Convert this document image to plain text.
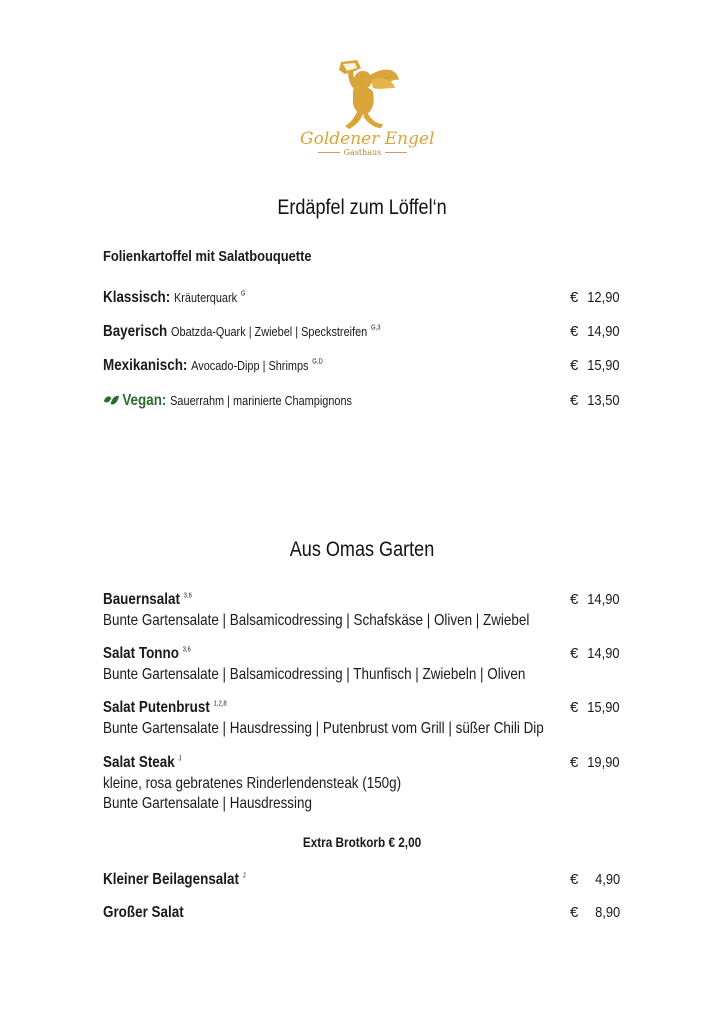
Goldener Engel
Gasthaus
Erdäpfel zum Löffel‘n
Folienkartoffel mit Salatbouquette
Klassisch: Kräuterquark $^G$	€ 12,90
Bayerisch Obatzda-Quark | Zwiebel | Speckstreifen $^{G,3}$	€ 14,90
Mexikanisch: Avocado-Dipp | Shrimps $^{G,D}$	€ 15,90
Vegan: Sauerrahm | marinierte Champignons	€ 13,50
Aus Omas Garten
Bauernsalat $^{3,6}$	€ 14,90
Bunte Gartensalate | Balsamicodressing | Schafskäse | Oliven | Zwiebel
Salat Tonno $^{3,6}$	€ 14,90
Bunte Gartensalate | Balsamicodressing | Thunfisch | Zwiebeln | Oliven
Salat Putenbrust $^{1,2,8}$	€ 15,90
Bunte Gartensalate | Hausdressing | Putenbrust vom Grill | süßer Chili Dip
Salat Steak $^J$	€ 19,90
kleine, rosa gebratenes Rinderlendensteak (150g)
Bunte Gartensalate | Hausdressing
Extra Brotkorb € 2,00
Kleiner Beilagensalat $^J$	€ 4,90
Großer Salat	€ 8,90
